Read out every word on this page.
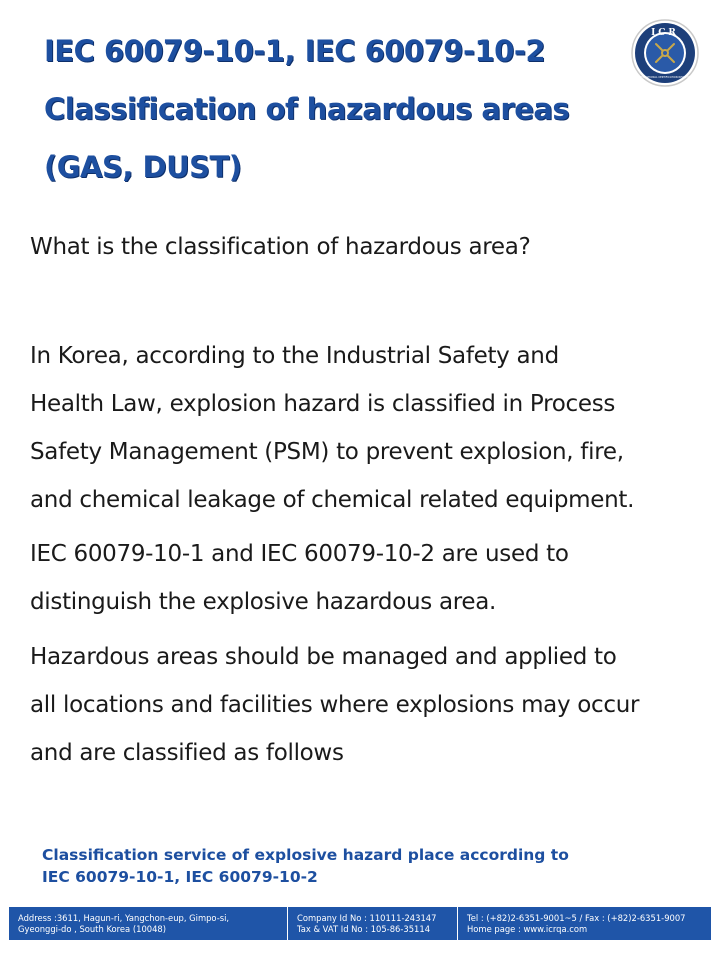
IEC 60079-10-1, IEC 60079-10-2
Classification of hazardous areas
(GAS, DUST)
ICR
INTERNATIONAL CERTIFICATION REGISTRAR
What is the classification of hazardous area?
In Korea, according to the Industrial Safety and
Health Law, explosion hazard is classified in Process
Safety Management (PSM) to prevent explosion, fire,
and chemical leakage of chemical related equipment.
IEC 60079-10-1 and IEC 60079-10-2 are used to
distinguish the explosive hazardous area.
Hazardous areas should be managed and applied to
all locations and facilities where explosions may occur
and are classified as follows
Classification service of explosive hazard place according to
IEC 60079-10-1, IEC 60079-10-2
Address :3611, Hagun-ri, Yangchon-eup, Gimpo-si,
Gyeonggi-do , South Korea (10048)
Company Id No : 110111-243147
Tax & VAT Id No : 105-86-35114
Tel : (+82)2-6351-9001~5 / Fax : (+82)2-6351-9007
Home page : www.icrqa.com
